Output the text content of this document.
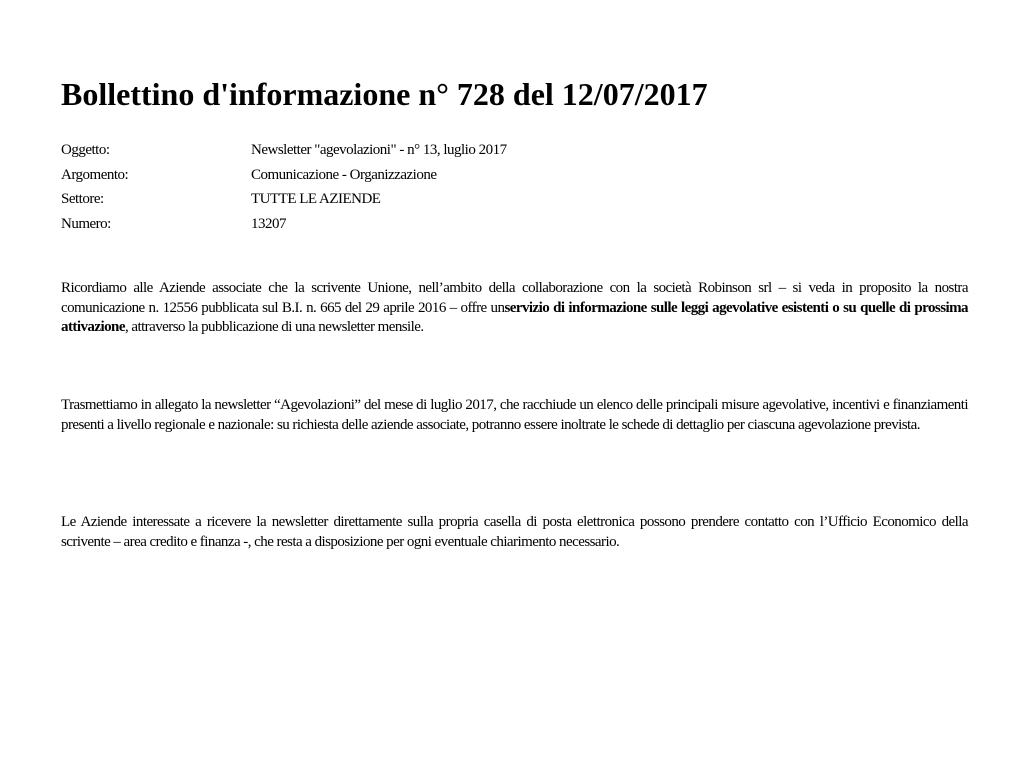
Bollettino d'informazione n° 728 del 12/07/2017
Oggetto:	Newsletter "agevolazioni" - n° 13, luglio 2017
Argomento:	Comunicazione - Organizzazione
Settore:	TUTTE LE AZIENDE
Numero:	13207

Ricordiamo alle Aziende associate che la scrivente Unione, nell’ambito della collaborazione con la società Robinson srl – si veda in proposito la nostra comunicazione n. 12556 pubblicata sul B.I. n. 665 del 29 aprile 2016 – offre unservizio di informazione sulle leggi agevolative esistenti o su quelle di prossima attivazione, attraverso la pubblicazione di una newsletter mensile.

Trasmettiamo in allegato la newsletter “Agevolazioni” del mese di luglio 2017, che racchiude un elenco delle principali misure agevolative, incentivi e finanziamenti presenti a livello regionale e nazionale: su richiesta delle aziende associate, potranno essere inoltrate le schede di dettaglio per ciascuna agevolazione prevista.

Le Aziende interessate a ricevere la newsletter direttamente sulla propria casella di posta elettronica possono prendere contatto con l’Ufficio Economico della scrivente – area credito e finanza -, che resta a disposizione per ogni eventuale chiarimento necessario.
